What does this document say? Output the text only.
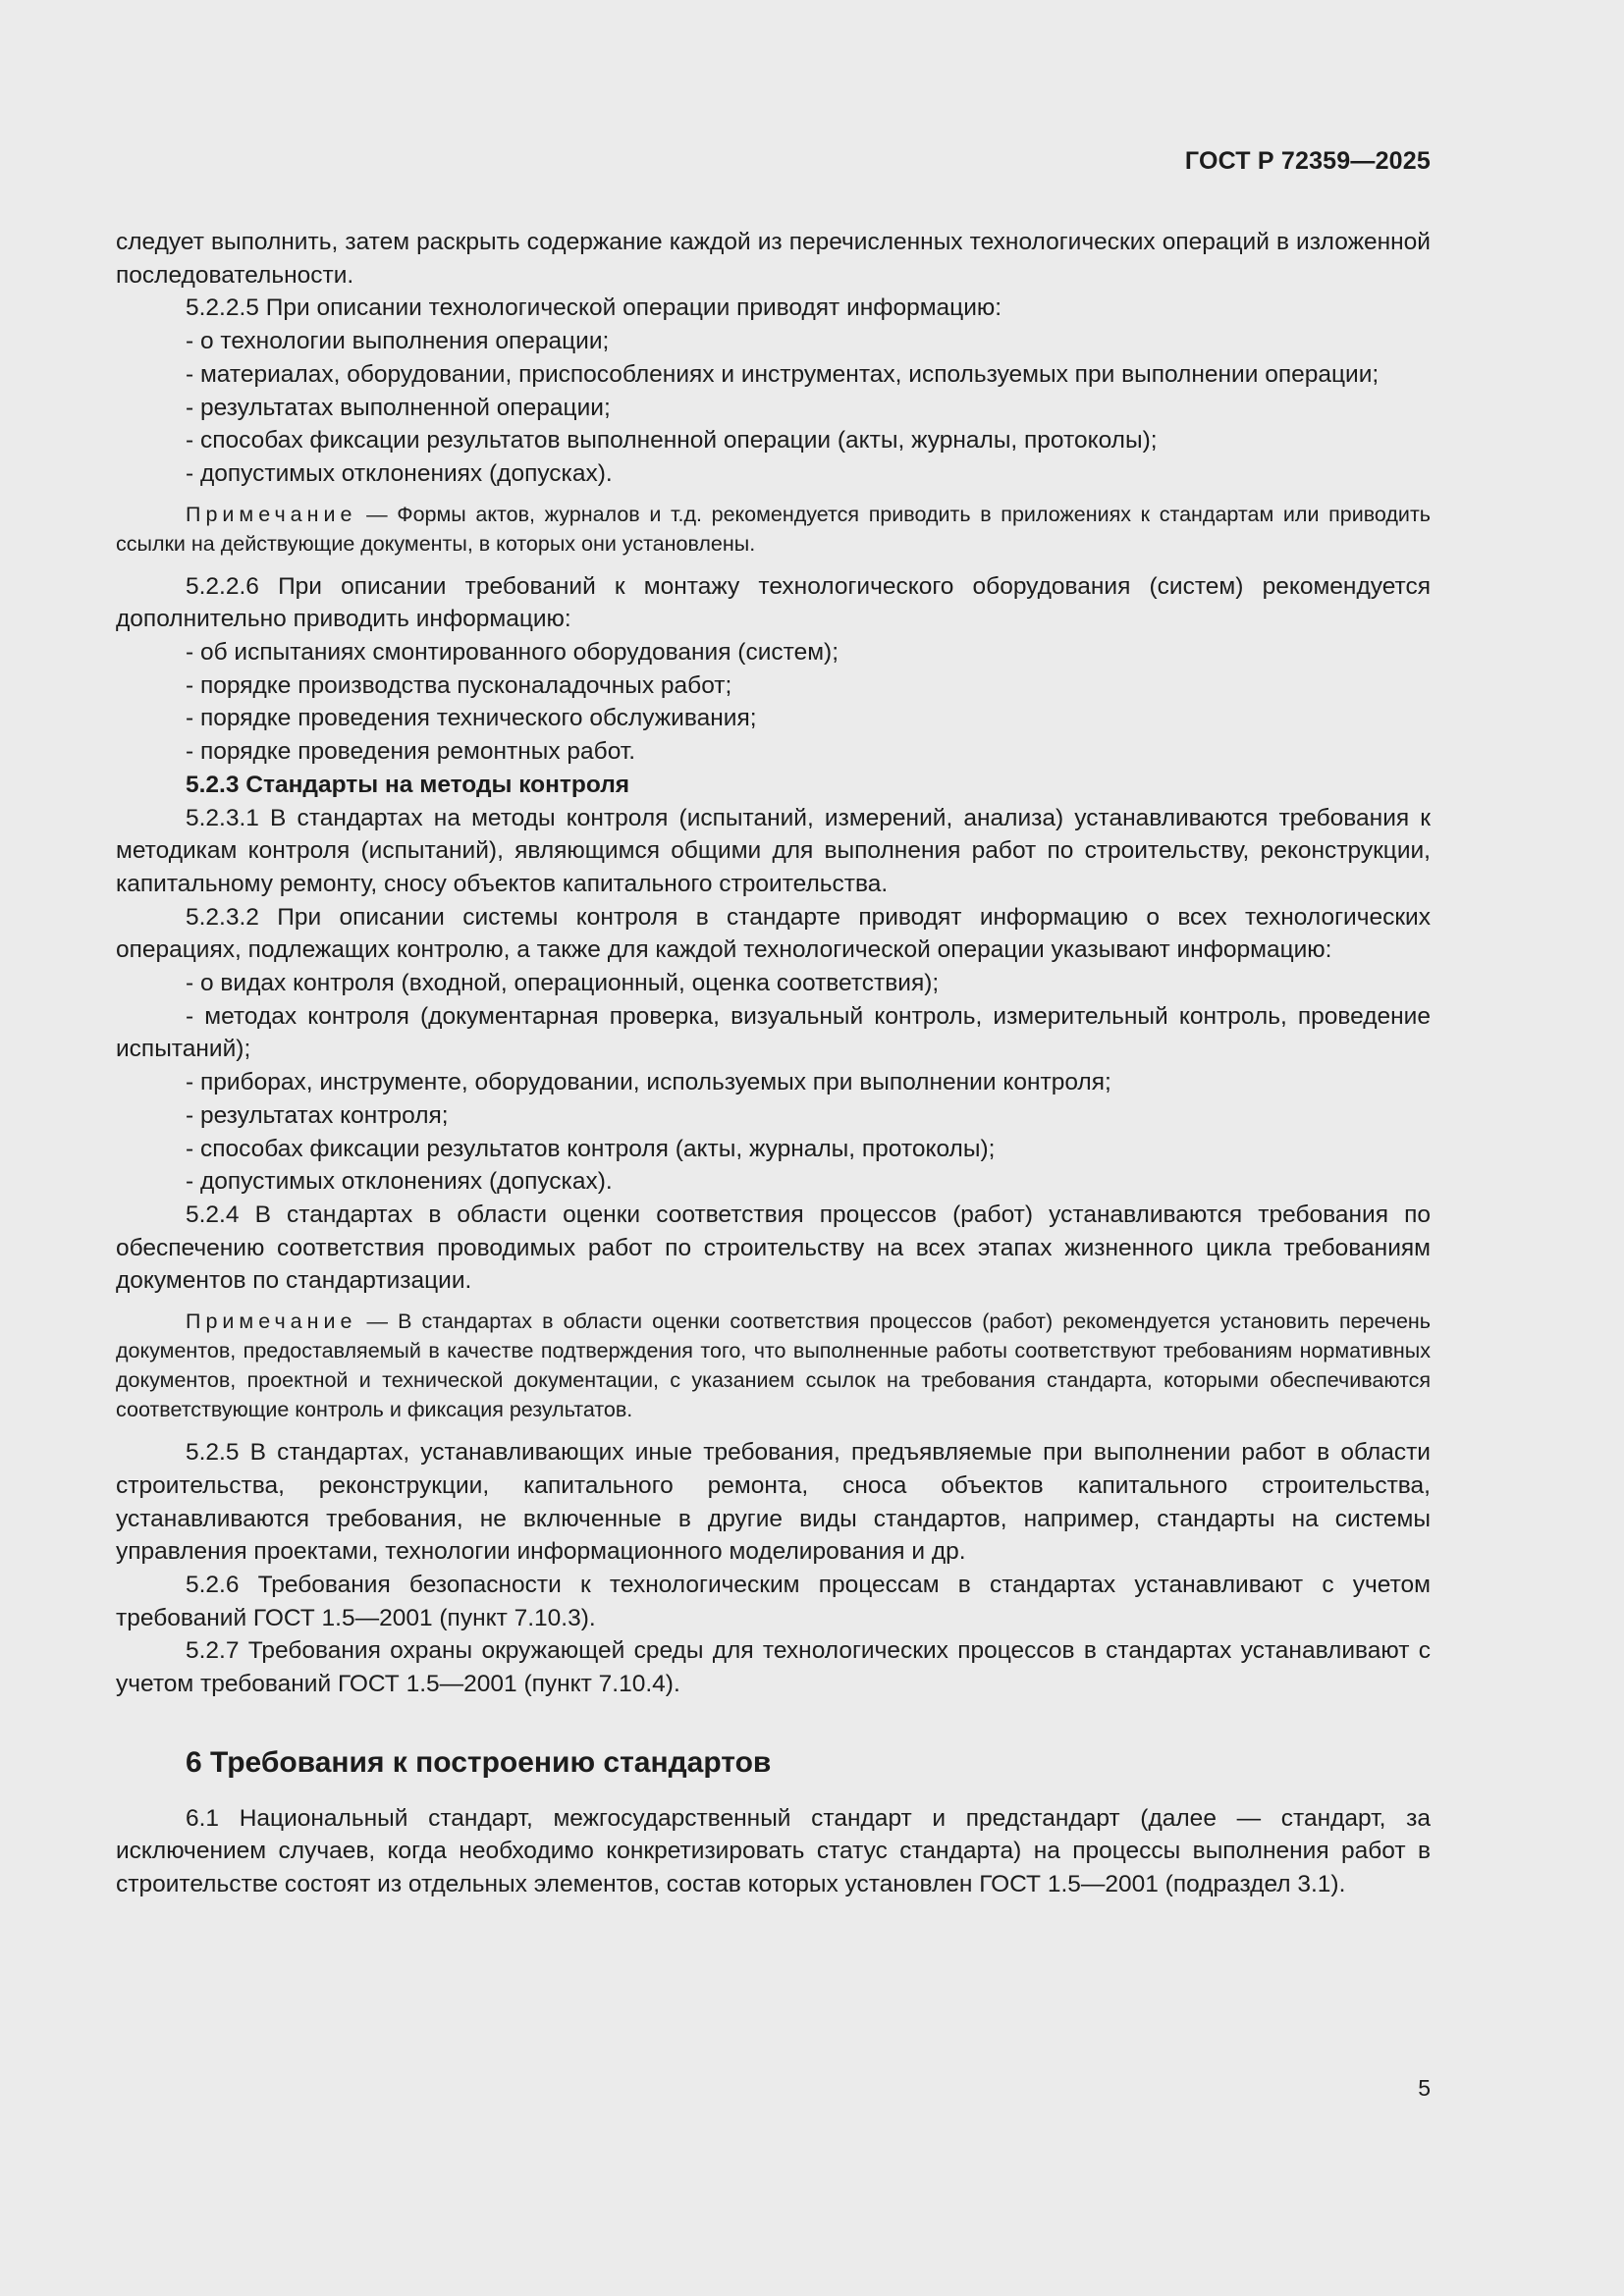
ГОСТ Р 72359—2025

следует выполнить, затем раскрыть содержание каждой из перечисленных технологических операций в изложенной последовательности.

5.2.2.5 При описании технологической операции приводят информацию:

- о технологии выполнения операции;

- материалах, оборудовании, приспособлениях и инструментах, используемых при выполнении операции;

- результатах выполненной операции;

- способах фиксации результатов выполненной операции (акты, журналы, протоколы);

- допустимых отклонениях (допусках).

Примечание — Формы актов, журналов и т.д. рекомендуется приводить в приложениях к стандартам или приводить ссылки на действующие документы, в которых они установлены.

5.2.2.6 При описании требований к монтажу технологического оборудования (систем) рекомендуется дополнительно приводить информацию:

- об испытаниях смонтированного оборудования (систем);

- порядке производства пусконаладочных работ;

- порядке проведения технического обслуживания;

- порядке проведения ремонтных работ.

5.2.3 Стандарты на методы контроля

5.2.3.1 В стандартах на методы контроля (испытаний, измерений, анализа) устанавливаются требования к методикам контроля (испытаний), являющимся общими для выполнения работ по строительству, реконструкции, капитальному ремонту, сносу объектов капитального строительства.

5.2.3.2 При описании системы контроля в стандарте приводят информацию о всех технологических операциях, подлежащих контролю, а также для каждой технологической операции указывают информацию:

- о видах контроля (входной, операционный, оценка соответствия);

- методах контроля (документарная проверка, визуальный контроль, измерительный контроль, проведение испытаний);

- приборах, инструменте, оборудовании, используемых при выполнении контроля;

- результатах контроля;

- способах фиксации результатов контроля (акты, журналы, протоколы);

- допустимых отклонениях (допусках).

5.2.4 В стандартах в области оценки соответствия процессов (работ) устанавливаются требования по обеспечению соответствия проводимых работ по строительству на всех этапах жизненного цикла требованиям документов по стандартизации.

Примечание — В стандартах в области оценки соответствия процессов (работ) рекомендуется установить перечень документов, предоставляемый в качестве подтверждения того, что выполненные работы соответствуют требованиям нормативных документов, проектной и технической документации, с указанием ссылок на требования стандарта, которыми обеспечиваются соответствующие контроль и фиксация результатов.

5.2.5 В стандартах, устанавливающих иные требования, предъявляемые при выполнении работ в области строительства, реконструкции, капитального ремонта, сноса объектов капитального строительства, устанавливаются требования, не включенные в другие виды стандартов, например, стандарты на системы управления проектами, технологии информационного моделирования и др.

5.2.6 Требования безопасности к технологическим процессам в стандартах устанавливают с учетом требований ГОСТ 1.5—2001 (пункт 7.10.3).

5.2.7 Требования охраны окружающей среды для технологических процессов в стандартах устанавливают с учетом требований ГОСТ 1.5—2001 (пункт 7.10.4).

6 Требования к построению стандартов

6.1 Национальный стандарт, межгосударственный стандарт и предстандарт (далее — стандарт, за исключением случаев, когда необходимо конкретизировать статус стандарта) на процессы выполнения работ в строительстве состоят из отдельных элементов, состав которых установлен ГОСТ 1.5—2001 (подраздел 3.1).

5
